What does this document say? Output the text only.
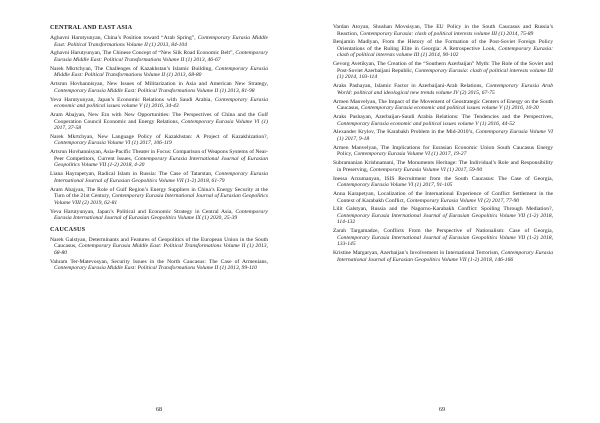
CENTRAL AND EAST ASIA

Aghavni Harutyunyan, China’s Position toward “Arab Spring”, Contemporary Eurasia Middle East: Political Transformations Volume II (1) 2013, 84-104

Aghavni Harutyunyan, The Chinese Concept of “New Silk Road Economic Belt”, Contemporary Eurasia Middle East: Political Transformations Volume II (1) 2013, 46-67

Narek Mkrtchyan, The Challenges of Kazakhstan’s Islamic Building, Contemporary Eurasia Middle East: Political Transformations Volume II (1) 2013, 68-80

Artsrun Hovhannisyan, New Issues of Militarization in Asia and American New Strategy, Contemporary Eurasia Middle East: Political Transformations Volume II (1) 2013, 81-98

Yeva Harutyunyan, Japan’s Economic Relations with Saudi Arabia, Contemporary Eurasia economic and political issues volume V (1) 2016, 34-43

Aram Abajyan, New Era with New Opportunities: The Perspectives of China and the Gulf Cooperation Council Economic and Energy Relations, Contemporary Eurasia Volume VI (1) 2017, 37-58

Narek Mkrtchyan, New Language Policy of Kazakhstan: A Project of Kazakhization?, Contemporary Eurasia Volume VI (1) 2017, 106-119

Artsrun Hovhannisyan, Asia-Pacific Theater in Focus: Comparison of Weapons Systems of Near-Peer Competitors, Current Issues, Contemporary Eurasia International Journal of Eurasian Geopolitics Volume VII (1-2) 2018, 4-20

Liana Hayrapetyan, Radical Islam in Russia: The Case of Tatarstan, Contemporary Eurasia International Journal of Eurasian Geopolitics Volume VII (1-2) 2018, 61-79

Aram Abajyan, The Role of Gulf Region’s Energy Suppliers in China’s Energy Security at the Turn of the 21st Century, Contemporary Eurasia International Journal of Eurasian Geopolitics Volume VIII (2) 2019, 62-81

Yeva Harutyunyan, Japan’s Political and Economic Strategy in Central Asia, Contemporary Eurasia International Journal of Eurasian Geopolitics Volume IX (1) 2020, 25-39

CAUCASUS

Narek Galstyan, Determinants and Features of Geopolitics of the European Union in the South Caucasus, Contemporary Eurasia Middle East: Political Transformations Volume II (1) 2013, 68-80

Vahram Ter-Matevosyan, Security Issues in the North Caucasus: The Case of Armenians, Contemporary Eurasia Middle East: Political Transformations Volume II (1) 2013, 99-110

68

Vardan Atoyan, Shushan Movsisyan, The EU Policy in the South Caucasus and Russia’s Reaction, Contemporary Eurasia: clash of political interests volume III (1) 2014, 75-89

Benjamin Madlyan, From the History of the Formation of the Post-Soviet Foreign Policy Orientations of the Ruling Elite in Georgia: A Retrospective Look, Contemporary Eurasia: clash of political interests volume III (1) 2014, 90-102

Gevorg Avetikyan, The Creation of the “Southern Azerbaijan” Myth: The Role of the Soviet and Post-Soviet Azerbaijani Republic, Contemporary Eurasia: clash of political interests volume III (1) 2014, 103-114

Araks Pashayan, Islamic Factor in Azerbaijani-Arab Relations, Contemporary Eurasia Arab World: political and ideological new trends volume IV (2) 2015, 67-75

Armen Manvelyan, The Impact of the Movement of Geostrategic Centers of Energy on the South Caucasus, Contemporary Eurasia economic and political issues volume V (1) 2016, 10-20

Araks Pashayan, Azerbaijan-Saudi Arabia Relations: The Tendencies and the Perspectives, Contemporary Eurasia economic and political issues volume V (1) 2016, 44-52

Alexander Krylov, The Karabakh Problem in the Mid-2010’s, Contemporary Eurasia Volume VI (1) 2017, 9-18

Armen Manvelyan, The Implications for Eurasian Economic Union South Caucasus Energy Policy, Contemporary Eurasia Volume VI (1) 2017, 19-27

Subramanian Krishnamani, The Monuments Heritage: The Individual’s Role and Responsibility in Preserving, Contemporary Eurasia Volume VI (1) 2017, 59-90

Inessa Arzumanyan, ISIS Recruitment from the South Caucasus: The Case of Georgia, Contemporary Eurasia Volume VI (1) 2017, 91-105

Anna Karapetyan, Localization of the International Experience of Conflict Settlement in the Context of Karabakh Conflict, Contemporary Eurasia Volume VI (2) 2017, 77-90

Lilit Galstyan, Russia and the Nagorno-Karabakh Conflict: Spoiling Through Mediation?, Contemporary Eurasia International Journal of Eurasian Geopolitics Volume VII (1-2) 2018, 114-132

Zarah Targamadze, Conflicts From the Perspective of Nationalism: Case of Georgia, Contemporary Eurasia International Journal of Eurasian Geopolitics Volume VII (1-2) 2018, 133-145

Kristine Margaryan, Azerbaijan’s Involvement in International Terrorism, Contemporary Eurasia International Journal of Eurasian Geopolitics Volume VII (1-2) 2018, 146-166

69
